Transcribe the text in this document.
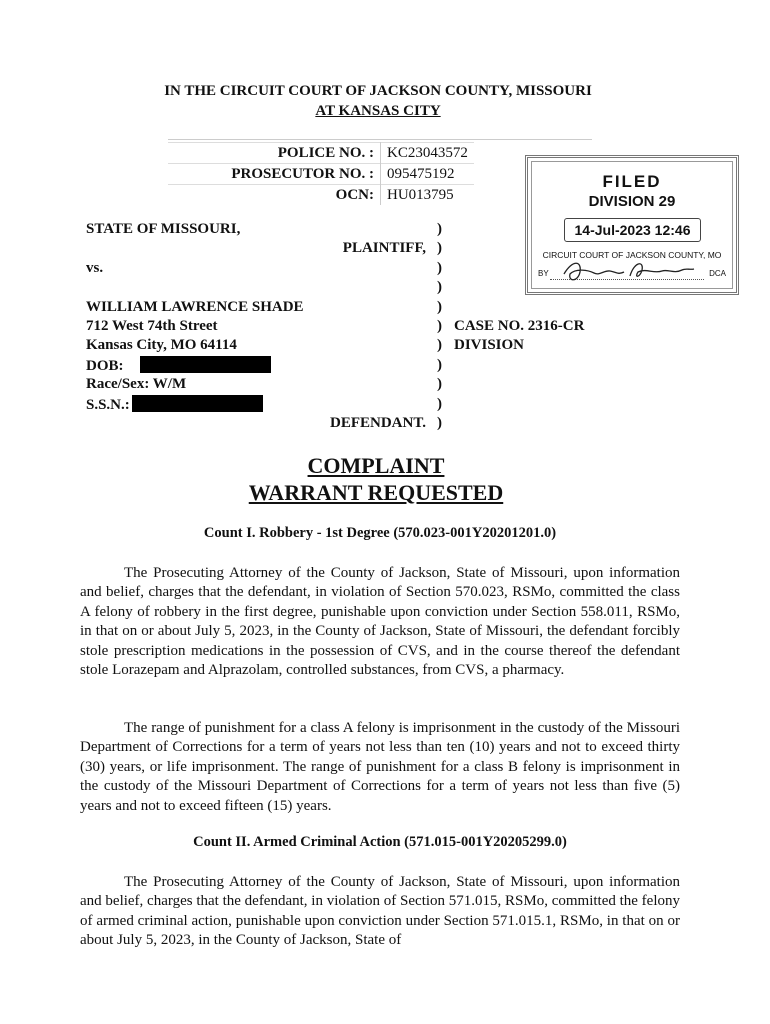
IN THE CIRCUIT COURT OF JACKSON COUNTY, MISSOURI
AT KANSAS CITY
POLICE NO. :	KC23043572
PROSECUTOR NO. :	095475192
OCN:	HU013795
FILED
DIVISION 29
14-Jul-2023 12:46
CIRCUIT COURT OF JACKSON COUNTY, MO
BY	DCA
STATE OF MISSOURI,
PLAINTIFF,
vs.
WILLIAM LAWRENCE SHADE
712 West 74th Street
Kansas City, MO 64114
DOB:
Race/Sex: W/M
S.S.N.:
DEFENDANT.
)
)
)
)
)
)
)
)
)
)
)
CASE NO. 2316-CR
DIVISION
COMPLAINT
WARRANT REQUESTED
Count I. Robbery - 1st Degree (570.023-001Y20201201.0)
The Prosecuting Attorney of the County of Jackson, State of Missouri, upon information and belief, charges that the defendant, in violation of Section 570.023, RSMo, committed the class A felony of robbery in the first degree, punishable upon conviction under Section 558.011, RSMo, in that on or about July 5, 2023, in the County of Jackson, State of Missouri, the defendant forcibly stole prescription medications in the possession of CVS, and in the course thereof the defendant stole Lorazepam and Alprazolam, controlled substances, from CVS, a pharmacy.
The range of punishment for a class A felony is imprisonment in the custody of the Missouri Department of Corrections for a term of years not less than ten (10) years and not to exceed thirty (30) years, or life imprisonment. The range of punishment for a class B felony is imprisonment in the custody of the Missouri Department of Corrections for a term of years not less than five (5) years and not to exceed fifteen (15) years.
Count II. Armed Criminal Action (571.015-001Y20205299.0)
The Prosecuting Attorney of the County of Jackson, State of Missouri, upon information and belief, charges that the defendant, in violation of Section 571.015, RSMo, committed the felony of armed criminal action, punishable upon conviction under Section 571.015.1, RSMo, in that on or about July 5, 2023, in the County of Jackson, State of
